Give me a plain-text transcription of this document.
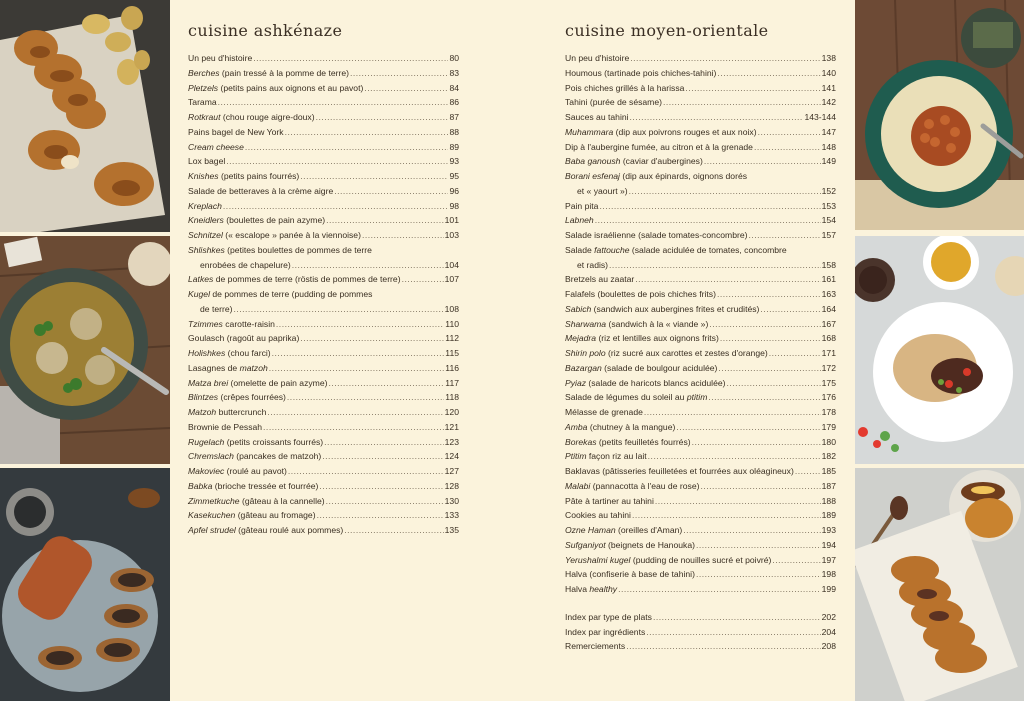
cuisine ashkénaze
Un peu d'histoire .....	80
Berches (pain tressé à la pomme de terre) .....	83
Pletzels (petits pains aux oignons et au pavot) .....	84
Tarama .....	86
Rotkraut (chou rouge aigre-doux) .....	87
Pains bagel de New York .....	88
Cream cheese .....	89
Lox bagel .....	93
Knishes (petits pains fourrés) .....	95
Salade de betteraves à la crème aigre .....	96
Kreplach .....	98
Kneidlers (boulettes de pain azyme) .....	101
Schnitzel (« escalope » panée à la viennoise) .....	103
Shlishkes (petites boulettes de pommes de terre
enrobées de chapelure) .....	104
Latkes de pommes de terre (röstis de pommes de terre) .....	107
Kugel de pommes de terre (pudding de pommes
de terre) .....	108
Tzimmes carotte-raisin .....	110
Goulasch (ragoût au paprika) .....	112
Holishkes (chou farci) .....	115
Lasagnes de matzoh .....	116
Matza brei (omelette de pain azyme) .....	117
Blintzes (crêpes fourrées) .....	118
Matzoh buttercrunch .....	120
Brownie de Pessah .....	121
Rugelach (petits croissants fourrés) .....	123
Chremslach (pancakes de matzoh) .....	124
Makoviec (roulé au pavot) .....	127
Babka (brioche tressée et fourrée) .....	128
Zimmetkuche (gâteau à la cannelle) .....	130
Kasekuchen (gâteau au fromage) .....	133
Apfel strudel (gâteau roulé aux pommes) .....	135
cuisine moyen-orientale
Un peu d'histoire .....	138
Houmous (tartinade pois chiches-tahini) .....	140
Pois chiches grillés à la harissa .....	141
Tahini (purée de sésame) .....	142
Sauces au tahini .....	143-144
Muhammara (dip aux poivrons rouges et aux noix) .....	147
Dip à l'aubergine fumée, au citron et à la grenade .....	148
Baba ganoush (caviar d'aubergines) .....	149
Borani esfenaj (dip aux épinards, oignons dorés
et « yaourt ») .....	152
Pain pita .....	153
Labneh .....	154
Salade israélienne (salade tomates-concombre) .....	157
Salade fattouche (salade acidulée de tomates, concombre
et radis) .....	158
Bretzels au zaatar .....	161
Falafels (boulettes de pois chiches frits) .....	163
Sabich (sandwich aux aubergines frites et crudités) .....	164
Sharwama (sandwich à la « viande ») .....	167
Mejadra (riz et lentilles aux oignons frits) .....	168
Shirin polo (riz sucré aux carottes et zestes d'orange) .....	171
Bazargan (salade de boulgour acidulée) .....	172
Pyiaz (salade de haricots blancs acidulée) .....	175
Salade de légumes du soleil au ptitim .....	176
Mélasse de grenade .....	178
Amba (chutney à la mangue) .....	179
Borekas (petits feuilletés fourrés) .....	180
Ptitim façon riz au lait .....	182
Baklavas (pâtisseries feuilletées et fourrées aux oléagineux) .....	185
Malabi (pannacotta à l'eau de rose) .....	187
Pâte à tartiner au tahini .....	188
Cookies au tahini .....	189
Ozne Haman (oreilles d'Aman) .....	193
Sufganiyot (beignets de Hanouka) .....	194
Yerushalmi kugel (pudding de nouilles sucré et poivré) .....	197
Halva (confiserie à base de tahini) .....	198
Halva healthy .....	199
Index par type de plats .....	202
Index par ingrédients .....	204
Remerciements .....	208
